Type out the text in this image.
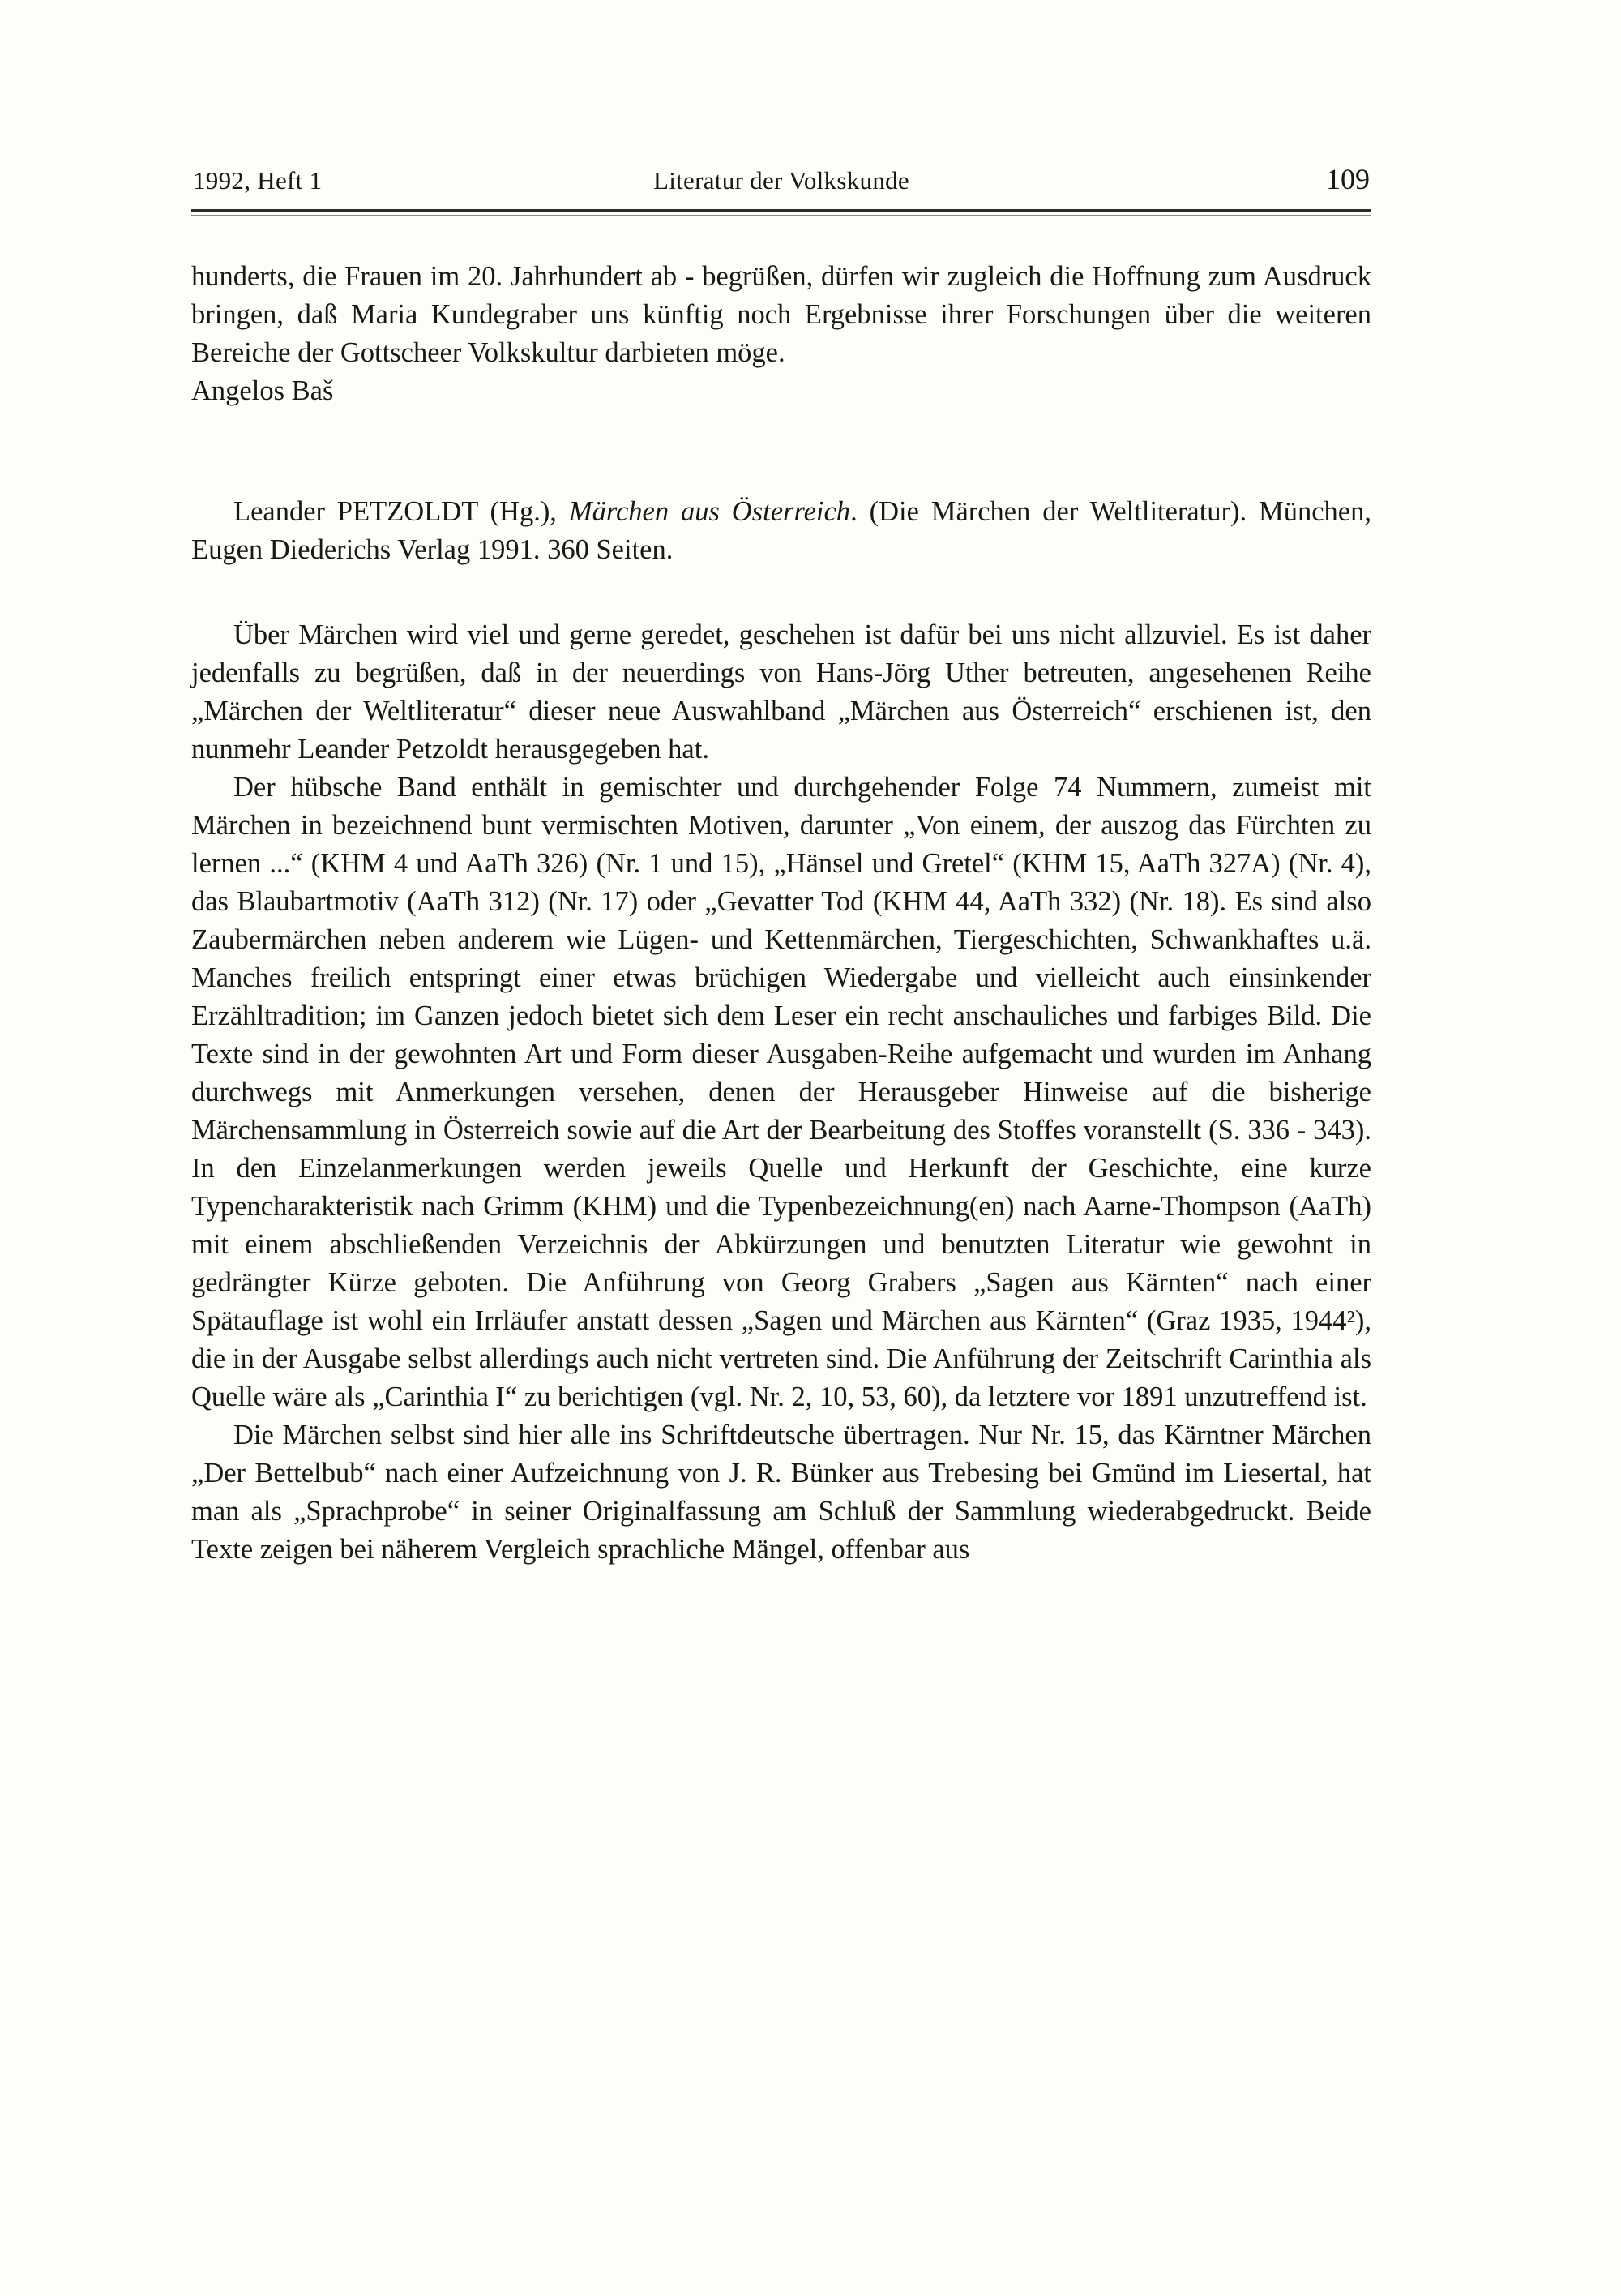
1992, Heft 1	Literatur der Volkskunde	109

hunderts, die Frauen im 20. Jahrhundert ab - begrüßen, dürfen wir zugleich die Hoffnung zum Ausdruck bringen, daß Maria Kundegraber uns künftig noch Ergebnisse ihrer Forschungen über die weiteren Bereiche der Gottscheer Volkskultur darbieten möge.

Angelos Baš

Leander PETZOLDT (Hg.), Märchen aus Österreich. (Die Märchen der Weltliteratur). München, Eugen Diederichs Verlag 1991. 360 Seiten.

Über Märchen wird viel und gerne geredet, geschehen ist dafür bei uns nicht allzuviel. Es ist daher jedenfalls zu begrüßen, daß in der neuerdings von Hans-Jörg Uther betreuten, angesehenen Reihe „Märchen der Weltliteratur“ dieser neue Auswahlband „Märchen aus Österreich“ erschienen ist, den nunmehr Leander Petzoldt herausgegeben hat.

Der hübsche Band enthält in gemischter und durchgehender Folge 74 Nummern, zumeist mit Märchen in bezeichnend bunt vermischten Motiven, darunter „Von einem, der auszog das Fürchten zu lernen ...“ (KHM 4 und AaTh 326) (Nr. 1 und 15), „Hänsel und Gretel“ (KHM 15, AaTh 327A) (Nr. 4), das Blaubartmotiv (AaTh 312) (Nr. 17) oder „Gevatter Tod (KHM 44, AaTh 332) (Nr. 18). Es sind also Zaubermärchen neben anderem wie Lügen- und Kettenmärchen, Tiergeschichten, Schwankhaftes u.ä. Manches freilich entspringt einer etwas brüchigen Wiedergabe und vielleicht auch einsinkender Erzähltradition; im Ganzen jedoch bietet sich dem Leser ein recht anschauliches und farbiges Bild. Die Texte sind in der gewohnten Art und Form dieser Ausgaben-Reihe aufgemacht und wurden im Anhang durchwegs mit Anmerkungen versehen, denen der Herausgeber Hinweise auf die bisherige Märchensammlung in Österreich sowie auf die Art der Bearbeitung des Stoffes voranstellt (S. 336 - 343). In den Einzelanmerkungen werden jeweils Quelle und Herkunft der Geschichte, eine kurze Typencharakteristik nach Grimm (KHM) und die Typenbezeichnung(en) nach Aarne-Thompson (AaTh) mit einem abschließenden Verzeichnis der Abkürzungen und benutzten Literatur wie gewohnt in gedrängter Kürze geboten. Die Anführung von Georg Grabers „Sagen aus Kärnten“ nach einer Spätauflage ist wohl ein Irrläufer anstatt dessen „Sagen und Märchen aus Kärnten“ (Graz 1935, 1944²), die in der Ausgabe selbst allerdings auch nicht vertreten sind. Die Anführung der Zeitschrift Carinthia als Quelle wäre als „Carinthia I“ zu berichtigen (vgl. Nr. 2, 10, 53, 60), da letztere vor 1891 unzutreffend ist.

Die Märchen selbst sind hier alle ins Schriftdeutsche übertragen. Nur Nr. 15, das Kärntner Märchen „Der Bettelbub“ nach einer Aufzeichnung von J. R. Bünker aus Trebesing bei Gmünd im Liesertal, hat man als „Sprachprobe“ in seiner Originalfassung am Schluß der Sammlung wiederabgedruckt. Beide Texte zeigen bei näherem Vergleich sprachliche Mängel, offenbar aus
